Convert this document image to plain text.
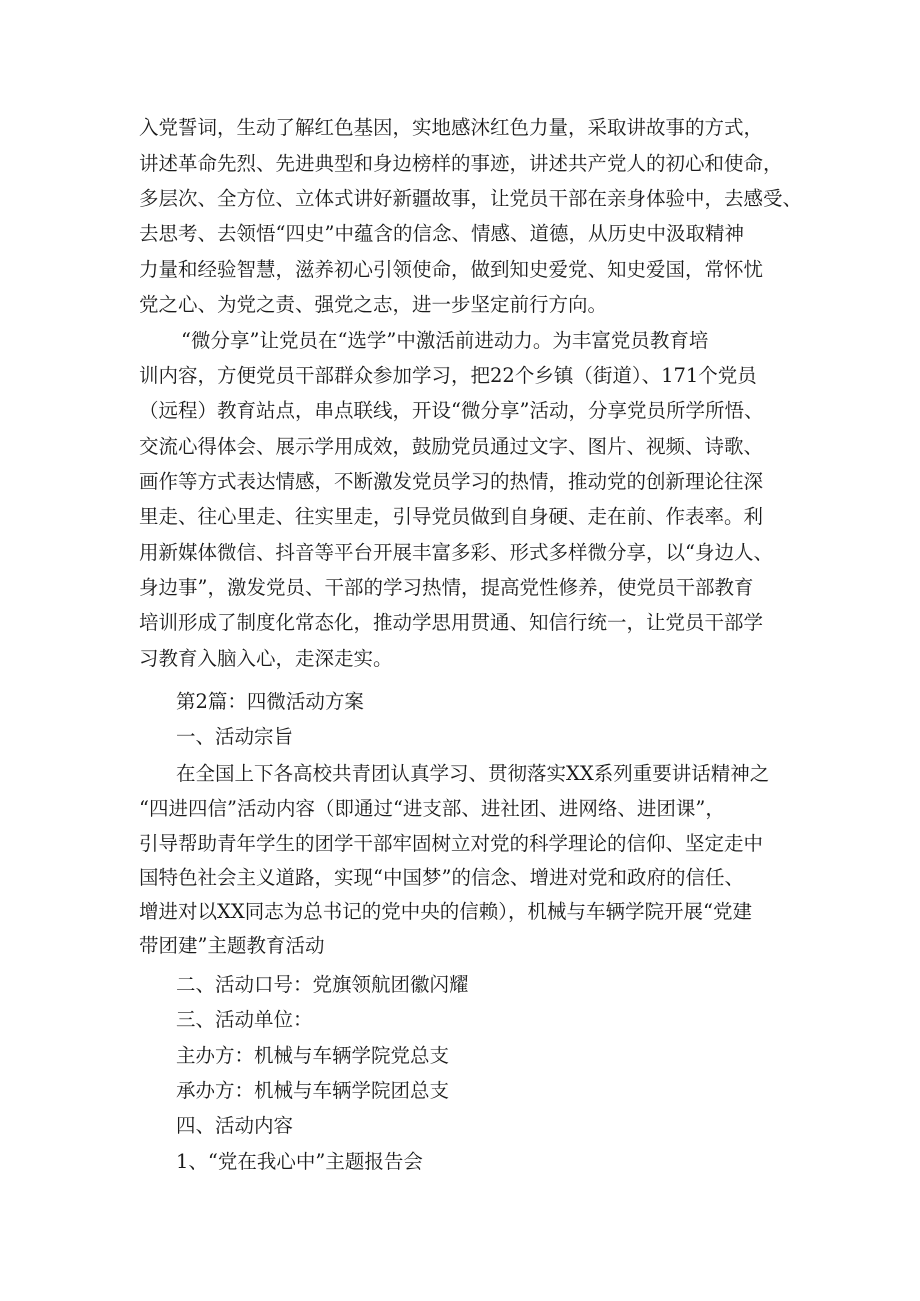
入党誓词，生动了解红色基因，实地感沐红色力量，采取讲故事的方式，
讲述革命先烈、先进典型和身边榜样的事迹，讲述共产党人的初心和使命，
多层次、全方位、立体式讲好新疆故事，让党员干部在亲身体验中，去感受、
去思考、去领悟“四史”中蕴含的信念、情感、道德，从历史中汲取精神
力量和经验智慧，滋养初心引领使命，做到知史爱党、知史爱国，常怀忧
党之心、为党之责、强党之志，进一步坚定前行方向。
“微分享”让党员在“选学”中激活前进动力。为丰富党员教育培
训内容，方便党员干部群众参加学习，把22个乡镇（街道）、171个党员
（远程）教育站点，串点联线，开设“微分享”活动，分享党员所学所悟、
交流心得体会、展示学用成效，鼓励党员通过文字、图片、视频、诗歌、
画作等方式表达情感，不断激发党员学习的热情，推动党的创新理论往深
里走、往心里走、往实里走，引导党员做到自身硬、走在前、作表率。利
用新媒体微信、抖音等平台开展丰富多彩、形式多样微分享，以“身边人、
身边事”，激发党员、干部的学习热情，提高党性修养，使党员干部教育
培训形成了制度化常态化，推动学思用贯通、知信行统一，让党员干部学
习教育入脑入心，走深走实。
第2篇：四微活动方案
一、活动宗旨
在全国上下各高校共青团认真学习、贯彻落实XX系列重要讲话精神之
“四进四信”活动内容（即通过“进支部、进社团、进网络、进团课”，
引导帮助青年学生的团学干部牢固树立对党的科学理论的信仰、坚定走中
国特色社会主义道路，实现“中国梦”的信念、增进对党和政府的信任、
增进对以XX同志为总书记的党中央的信赖），机械与车辆学院开展“党建
带团建”主题教育活动
二、活动口号：党旗领航团徽闪耀
三、活动单位：
主办方：机械与车辆学院党总支
承办方：机械与车辆学院团总支
四、活动内容
1、“党在我心中”主题报告会
